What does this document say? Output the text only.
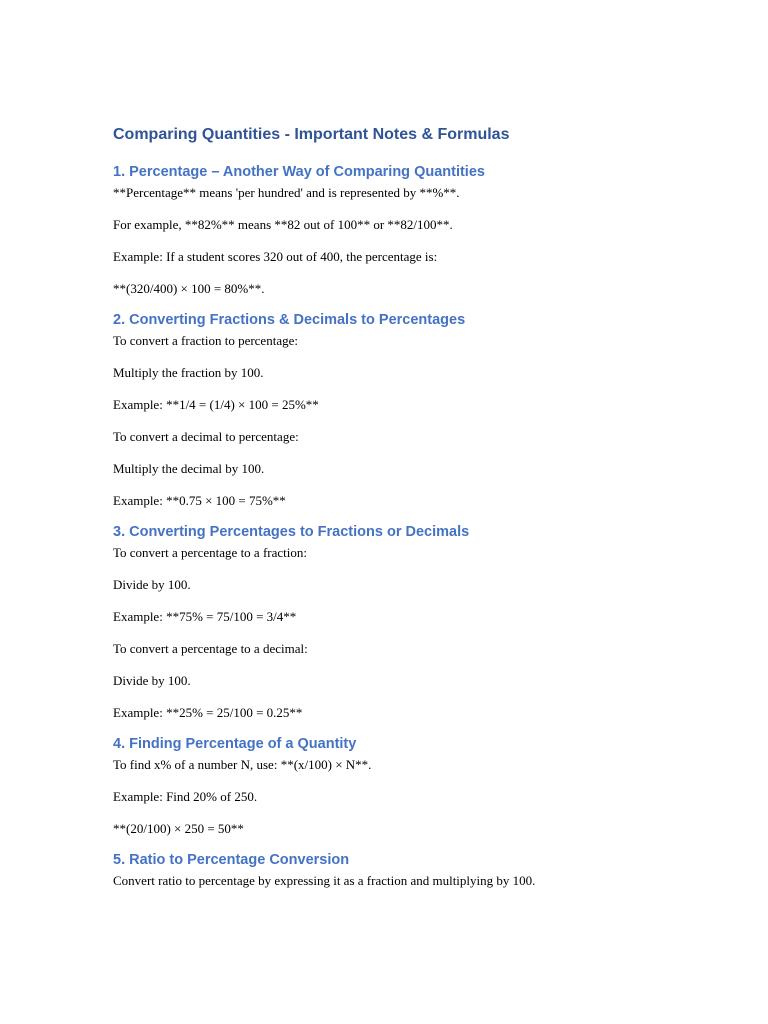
Comparing Quantities - Important Notes & Formulas
1. Percentage – Another Way of Comparing Quantities

**Percentage** means 'per hundred' and is represented by **%**.

For example, **82%** means **82 out of 100** or **82/100**.

Example: If a student scores 320 out of 400, the percentage is:

**(320/400) × 100 = 80%**.

2. Converting Fractions & Decimals to Percentages

To convert a fraction to percentage:

Multiply the fraction by 100.

Example: **1/4 = (1/4) × 100 = 25%**

To convert a decimal to percentage:

Multiply the decimal by 100.

Example: **0.75 × 100 = 75%**

3. Converting Percentages to Fractions or Decimals

To convert a percentage to a fraction:

Divide by 100.

Example: **75% = 75/100 = 3/4**

To convert a percentage to a decimal:

Divide by 100.

Example: **25% = 25/100 = 0.25**

4. Finding Percentage of a Quantity

To find x% of a number N, use: **(x/100) × N**.

Example: Find 20% of 250.

**(20/100) × 250 = 50**

5. Ratio to Percentage Conversion

Convert ratio to percentage by expressing it as a fraction and multiplying by 100.
